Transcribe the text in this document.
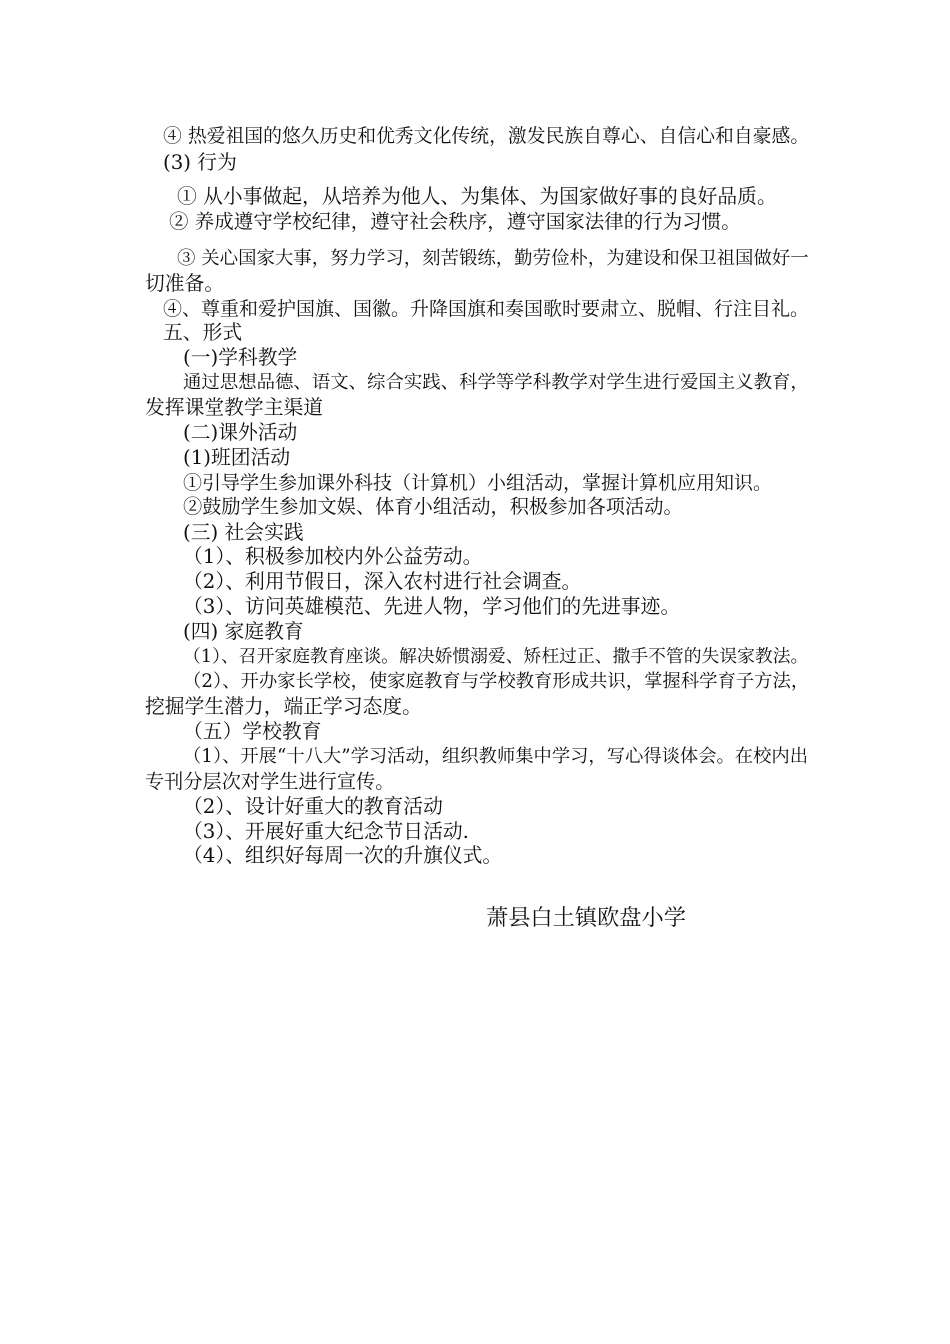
④ 热爱祖国的悠久历史和优秀文化传统，激发民族自尊心、自信心和自豪感。
(3) 行为
① 从小事做起，从培养为他人、为集体、为国家做好事的良好品质。
② 养成遵守学校纪律，遵守社会秩序，遵守国家法律的行为习惯。
③ 关心国家大事，努力学习，刻苦锻练，勤劳俭朴，为建设和保卫祖国做好一
切准备。
④、尊重和爱护国旗、国徽。升降国旗和奏国歌时要肃立、脱帽、行注目礼。
五、形式
(一)学科教学
通过思想品德、语文、综合实践、科学等学科教学对学生进行爱国主义教育，
发挥课堂教学主渠道
(二)课外活动
(1)班团活动
①引导学生参加课外科技（计算机）小组活动，掌握计算机应用知识。
②鼓励学生参加文娱、体育小组活动，积极参加各项活动。
(三) 社会实践
（1）、积极参加校内外公益劳动。
（2）、利用节假日，深入农村进行社会调查。
（3）、访问英雄模范、先进人物，学习他们的先进事迹。
(四) 家庭教育
（1）、召开家庭教育座谈。解决娇惯溺爱、矫枉过正、撒手不管的失误家教法。
（2）、开办家长学校，使家庭教育与学校教育形成共识，掌握科学育子方法，
挖掘学生潜力，端正学习态度。
（五）学校教育
（1）、开展“十八大”学习活动，组织教师集中学习，写心得谈体会。在校内出
专刊分层次对学生进行宣传。
（2）、设计好重大的教育活动
（3）、开展好重大纪念节日活动.
（4）、组织好每周一次的升旗仪式。
萧县白土镇欧盘小学
